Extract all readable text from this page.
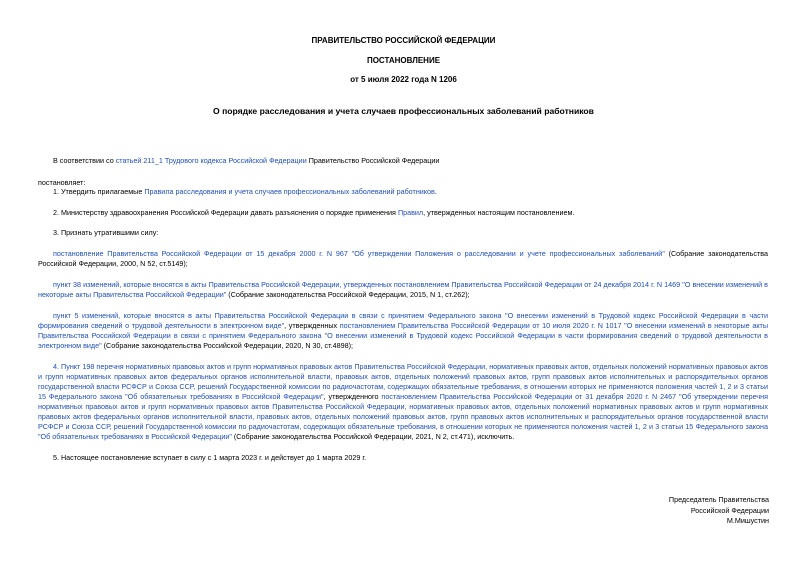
ПРАВИТЕЛЬСТВО РОССИЙСКОЙ ФЕДЕРАЦИИ
ПОСТАНОВЛЕНИЕ
от 5 июля 2022 года N 1206
О порядке расследования и учета случаев профессиональных заболеваний работников
В соответствии со статьей 211_1 Трудового кодекса Российской Федерации Правительство Российской Федерации
постановляет:
1. Утвердить прилагаемые Правила расследования и учета случаев профессиональных заболеваний работников.
2. Министерству здравоохранения Российской Федерации давать разъяснения о порядке применения Правил, утвержденных настоящим постановлением.
3. Признать утратившими силу:
постановление Правительства Российской Федерации от 15 декабря 2000 г. N 967 "Об утверждении Положения о расследовании и учете профессиональных заболеваний" (Собрание законодательства Российской Федерации, 2000, N 52, ст.5149);
пункт 38 изменений, которые вносятся в акты Правительства Российской Федерации, утвержденных постановлением Правительства Российской Федерации от 24 декабря 2014 г. N 1469 "О внесении изменений в некоторые акты Правительства Российской Федерации" (Собрание законодательства Российской Федерации, 2015, N 1, ст.262);
пункт 5 изменений, которые вносятся в акты Правительства Российской Федерации в связи с принятием Федерального закона "О внесении изменений в Трудовой кодекс Российской Федерации в части формирования сведений о трудовой деятельности в электронном виде", утвержденных постановлением Правительства Российской Федерации от 10 июля 2020 г. N 1017 "О внесении изменений в некоторые акты Правительства Российской Федерации в связи с принятием Федерального закона "О внесении изменений в Трудовой кодекс Российской Федерации в части формирования сведений о трудовой деятельности в электронном виде" (Собрание законодательства Российской Федерации, 2020, N 30, ст.4898);
4. Пункт 198 перечня нормативных правовых актов и групп нормативных правовых актов Правительства Российской Федерации, нормативных правовых актов, отдельных положений нормативных правовых актов и групп нормативных правовых актов федеральных органов исполнительной власти, правовых актов, отдельных положений правовых актов, групп правовых актов исполнительных и распорядительных органов государственной власти РСФСР и Союза ССР, решений Государственной комиссии по радиочастотам, содержащих обязательные требования, в отношении которых не применяются положения частей 1, 2 и 3 статьи 15 Федерального закона "Об обязательных требованиях в Российской Федерации", утвержденного постановлением Правительства Российской Федерации от 31 декабря 2020 г. N 2467 "Об утверждении перечня нормативных правовых актов и групп нормативных правовых актов Правительства Российской Федерации, нормативных правовых актов, отдельных положений нормативных правовых актов и групп нормативных правовых актов федеральных органов исполнительной власти, правовых актов, отдельных положений правовых актов, групп правовых актов исполнительных и распорядительных органов государственной власти РСФСР и Союза ССР, решений Государственной комиссии по радиочастотам, содержащих обязательные требования, в отношении которых не применяются положения частей 1, 2 и 3 статьи 15 Федерального закона "Об обязательных требованиях в Российской Федерации" (Собрание законодательства Российской Федерации, 2021, N 2, ст.471), исключить.
5. Настоящее постановление вступает в силу с 1 марта 2023 г. и действует до 1 марта 2029 г.
Председатель Правительства
Российской Федерации
М.Мишустин
